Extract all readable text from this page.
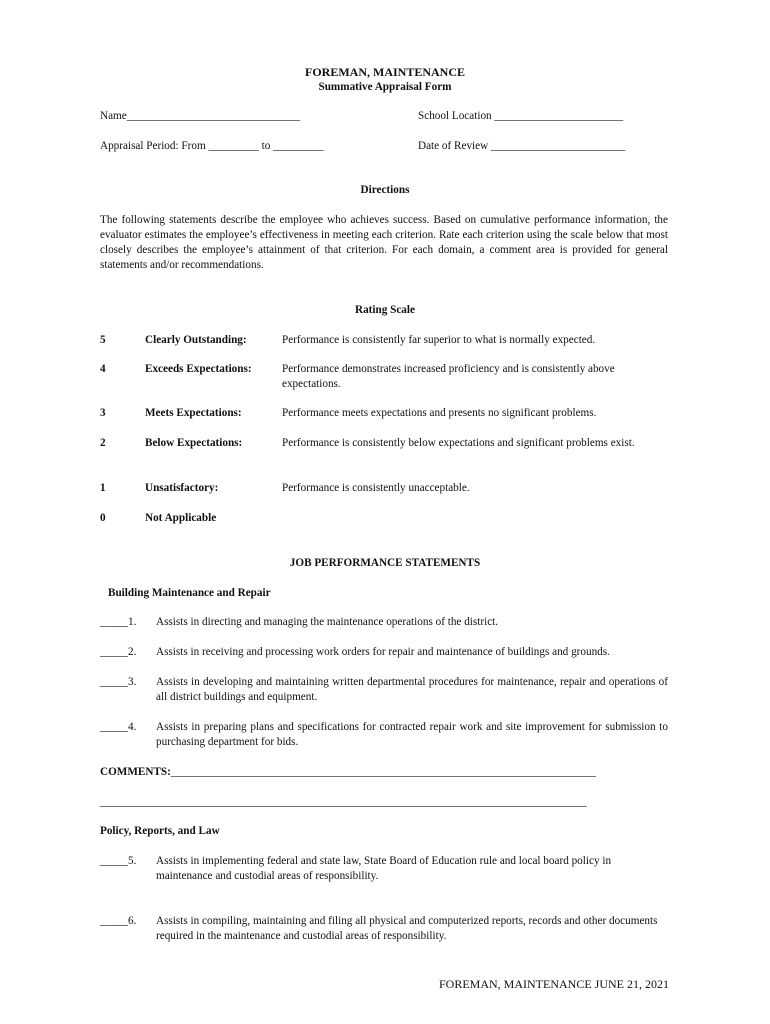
FOREMAN, MAINTENANCE
Summative Appraisal Form
Name_______________________________	School Location _______________________
Appraisal Period: From _________ to _________	Date of Review ________________________
Directions
The following statements describe the employee who achieves success. Based on cumulative performance information, the evaluator estimates the employee’s effectiveness in meeting each criterion. Rate each criterion using the scale below that most closely describes the employee’s attainment of that criterion. For each domain, a comment area is provided for general statements and/or recommendations.
Rating Scale
5	Clearly Outstanding:	Performance is consistently far superior to what is normally expected.
4	Exceeds Expectations:	Performance demonstrates increased proficiency and is consistently above expectations.
3	Meets Expectations:	Performance meets expectations and presents no significant problems.
2	Below Expectations:	Performance is consistently below expectations and significant problems exist.
1	Unsatisfactory:	Performance is consistently unacceptable.
0	Not Applicable
JOB PERFORMANCE STATEMENTS
Building Maintenance and Repair
_____1. Assists in directing and managing the maintenance operations of the district.
_____2. Assists in receiving and processing work orders for repair and maintenance of buildings and grounds.
_____3. Assists in developing and maintaining written departmental procedures for maintenance, repair and operations of all district buildings and equipment.
_____4. Assists in preparing plans and specifications for contracted repair work and site improvement for submission to purchasing department for bids.
COMMENTS:____________________________________________________________________________
_______________________________________________________________________________________
Policy, Reports, and Law
_____5. Assists in implementing federal and state law, State Board of Education rule and local board policy in maintenance and custodial areas of responsibility.
_____6. Assists in compiling, maintaining and filing all physical and computerized reports, records and other documents required in the maintenance and custodial areas of responsibility.
FOREMAN, MAINTENANCE JUNE 21, 2021
